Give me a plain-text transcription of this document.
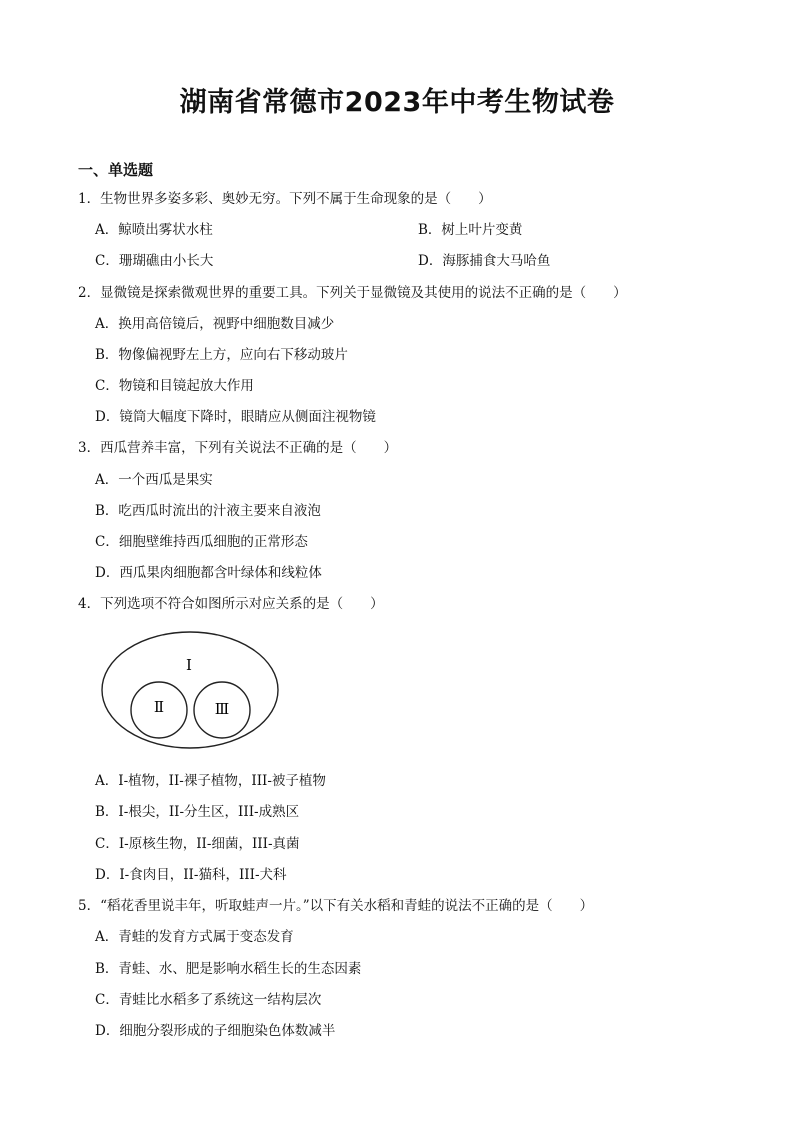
湖南省常德市2023年中考生物试卷
一、单选题
1．生物世界多姿多彩、奥妙无穷。下列不属于生命现象的是（　　）
A．鲸喷出雾状水柱	B．树上叶片变黄
C．珊瑚礁由小长大	D．海豚捕食大马哈鱼
2．显微镜是探索微观世界的重要工具。下列关于显微镜及其使用的说法不正确的是（　　）
A．换用高倍镜后，视野中细胞数目减少
B．物像偏视野左上方，应向右下移动玻片
C．物镜和目镜起放大作用
D．镜筒大幅度下降时，眼睛应从侧面注视物镜
3．西瓜营养丰富，下列有关说法不正确的是（　　）
A．一个西瓜是果实
B．吃西瓜时流出的汁液主要来自液泡
C．细胞壁维持西瓜细胞的正常形态
D．西瓜果肉细胞都含叶绿体和线粒体
4．下列选项不符合如图所示对应关系的是（　　）
Ⅰ
Ⅱ	Ⅲ
A．I-植物，II-裸子植物，III-被子植物
B．I-根尖，II-分生区，III-成熟区
C．I-原核生物，II-细菌，III-真菌
D．I-食肉目，II-猫科，III-犬科
5．“稻花香里说丰年，听取蛙声一片。”以下有关水稻和青蛙的说法不正确的是（　　）
A．青蛙的发育方式属于变态发育
B．青蛙、水、肥是影响水稻生长的生态因素
C．青蛙比水稻多了系统这一结构层次
D．细胞分裂形成的子细胞染色体数减半
